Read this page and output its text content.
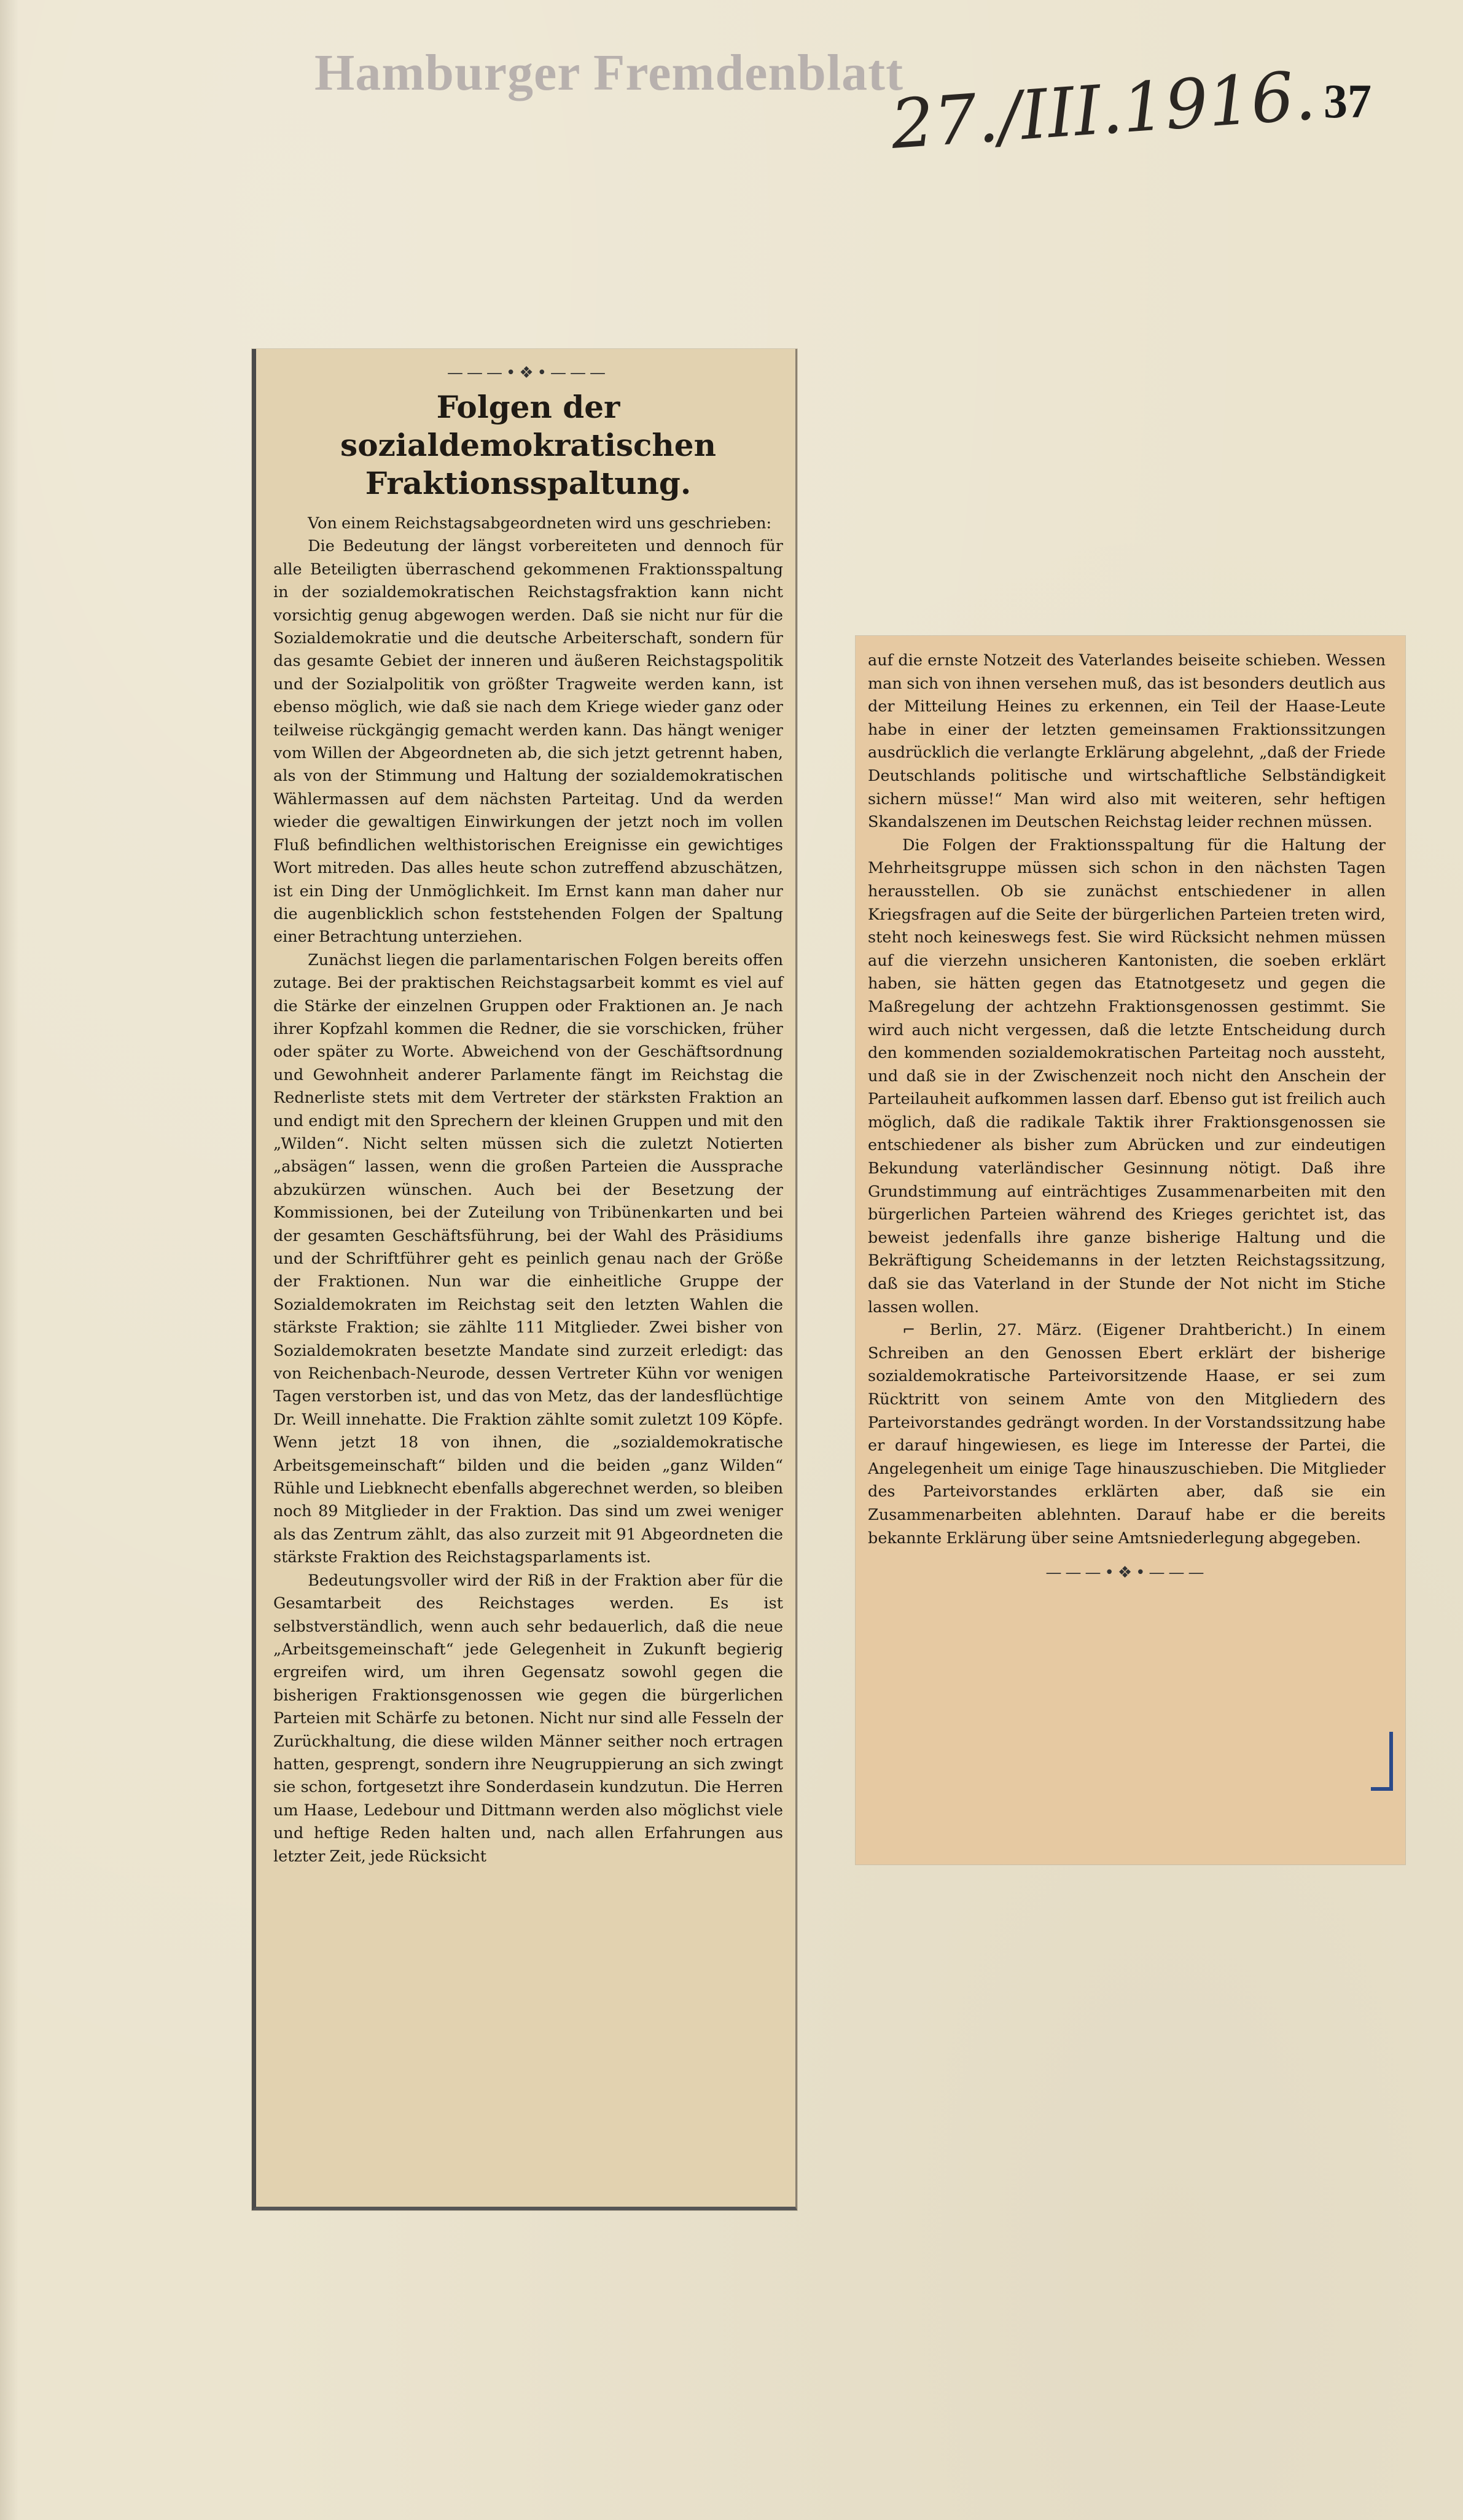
Hamburger Fremdenblatt
27./III.1916. 37
———•❖•———
Folgen der sozialdemokratischen Fraktionsspaltung.

Von einem Reichstagsabgeordneten wird uns geschrieben:

Die Bedeutung der längst vorbereiteten und dennoch für alle Beteiligten überraschend gekommenen Fraktionsspaltung in der sozialdemokratischen Reichstagsfraktion kann nicht vorsichtig genug abgewogen werden. Daß sie nicht nur für die Sozialdemokratie und die deutsche Arbeiterschaft, sondern für das gesamte Gebiet der inneren und äußeren Reichstagspolitik und der Sozialpolitik von größter Tragweite werden kann, ist ebenso möglich, wie daß sie nach dem Kriege wieder ganz oder teilweise rückgängig gemacht werden kann. Das hängt weniger vom Willen der Abgeordneten ab, die sich jetzt getrennt haben, als von der Stimmung und Haltung der sozialdemokratischen Wählermassen auf dem nächsten Parteitag. Und da werden wieder die gewaltigen Einwirkungen der jetzt noch im vollen Fluß befindlichen welthistorischen Ereignisse ein gewichtiges Wort mitreden. Das alles heute schon zutreffend abzuschätzen, ist ein Ding der Unmöglichkeit. Im Ernst kann man daher nur die augenblicklich schon feststehenden Folgen der Spaltung einer Betrachtung unterziehen.

Zunächst liegen die parlamentarischen Folgen bereits offen zutage. Bei der praktischen Reichstagsarbeit kommt es viel auf die Stärke der einzelnen Gruppen oder Fraktionen an. Je nach ihrer Kopfzahl kommen die Redner, die sie vorschicken, früher oder später zu Worte. Abweichend von der Geschäftsordnung und Gewohnheit anderer Parlamente fängt im Reichstag die Rednerliste stets mit dem Vertreter der stärksten Fraktion an und endigt mit den Sprechern der kleinen Gruppen und mit den „Wilden“. Nicht selten müssen sich die zuletzt Notierten „absägen“ lassen, wenn die großen Parteien die Aussprache abzukürzen wünschen. Auch bei der Besetzung der Kommissionen, bei der Zuteilung von Tribünenkarten und bei der gesamten Geschäftsführung, bei der Wahl des Präsidiums und der Schriftführer geht es peinlich genau nach der Größe der Fraktionen. Nun war die einheitliche Gruppe der Sozialdemokraten im Reichstag seit den letzten Wahlen die stärkste Fraktion; sie zählte 111 Mitglieder. Zwei bisher von Sozialdemokraten besetzte Mandate sind zurzeit erledigt: das von Reichenbach-Neurode, dessen Vertreter Kühn vor wenigen Tagen verstorben ist, und das von Metz, das der landesflüchtige Dr. Weill innehatte. Die Fraktion zählte somit zuletzt 109 Köpfe. Wenn jetzt 18 von ihnen, die „sozialdemokratische Arbeitsgemeinschaft“ bilden und die beiden „ganz Wilden“ Rühle und Liebknecht ebenfalls abgerechnet werden, so bleiben noch 89 Mitglieder in der Fraktion. Das sind um zwei weniger als das Zentrum zählt, das also zurzeit mit 91 Abgeordneten die stärkste Fraktion des Reichstagsparlaments ist.

Bedeutungsvoller wird der Riß in der Fraktion aber für die Gesamtarbeit des Reichstages werden. Es ist selbstverständlich, wenn auch sehr bedauerlich, daß die neue „Arbeitsgemeinschaft“ jede Gelegenheit in Zukunft begierig ergreifen wird, um ihren Gegensatz sowohl gegen die bisherigen Fraktionsgenossen wie gegen die bürgerlichen Parteien mit Schärfe zu betonen. Nicht nur sind alle Fesseln der Zurückhaltung, die diese wilden Männer seither noch ertragen hatten, gesprengt, sondern ihre Neugruppierung an sich zwingt sie schon, fortgesetzt ihre Sonderdasein kundzutun. Die Herren um Haase, Ledebour und Dittmann werden also möglichst viele und heftige Reden halten und, nach allen Erfahrungen aus letzter Zeit, jede Rücksicht

auf die ernste Notzeit des Vaterlandes beiseite schieben. Wessen man sich von ihnen versehen muß, das ist besonders deutlich aus der Mitteilung Heines zu erkennen, ein Teil der Haase-Leute habe in einer der letzten gemeinsamen Fraktionssitzungen ausdrücklich die verlangte Erklärung abgelehnt, „daß der Friede Deutschlands politische und wirtschaftliche Selbständigkeit sichern müsse!“ Man wird also mit weiteren, sehr heftigen Skandalszenen im Deutschen Reichstag leider rechnen müssen.

Die Folgen der Fraktionsspaltung für die Haltung der Mehrheitsgruppe müssen sich schon in den nächsten Tagen herausstellen. Ob sie zunächst entschiedener in allen Kriegsfragen auf die Seite der bürgerlichen Parteien treten wird, steht noch keineswegs fest. Sie wird Rücksicht nehmen müssen auf die vierzehn unsicheren Kantonisten, die soeben erklärt haben, sie hätten gegen das Etatnotgesetz und gegen die Maßregelung der achtzehn Fraktionsgenossen gestimmt. Sie wird auch nicht vergessen, daß die letzte Entscheidung durch den kommenden sozialdemokratischen Parteitag noch aussteht, und daß sie in der Zwischenzeit noch nicht den Anschein der Parteilauheit aufkommen lassen darf. Ebenso gut ist freilich auch möglich, daß die radikale Taktik ihrer Fraktionsgenossen sie entschiedener als bisher zum Abrücken und zur eindeutigen Bekundung vaterländischer Gesinnung nötigt. Daß ihre Grundstimmung auf einträchtiges Zusammenarbeiten mit den bürgerlichen Parteien während des Krieges gerichtet ist, das beweist jedenfalls ihre ganze bisherige Haltung und die Bekräftigung Scheidemanns in der letzten Reichstagssitzung, daß sie das Vaterland in der Stunde der Not nicht im Stiche lassen wollen.

⌐ Berlin, 27. März. (Eigener Drahtbericht.) In einem Schreiben an den Genossen Ebert erklärt der bisherige sozialdemokratische Parteivorsitzende Haase, er sei zum Rücktritt von seinem Amte von den Mitgliedern des Parteivorstandes gedrängt worden. In der Vorstandssitzung habe er darauf hingewiesen, es liege im Interesse der Partei, die Angelegenheit um einige Tage hinauszuschieben. Die Mitglieder des Parteivorstandes erklärten aber, daß sie ein Zusammenarbeiten ablehnten. Darauf habe er die bereits bekannte Erklärung über seine Amtsniederlegung abgegeben.

———•❖•———
